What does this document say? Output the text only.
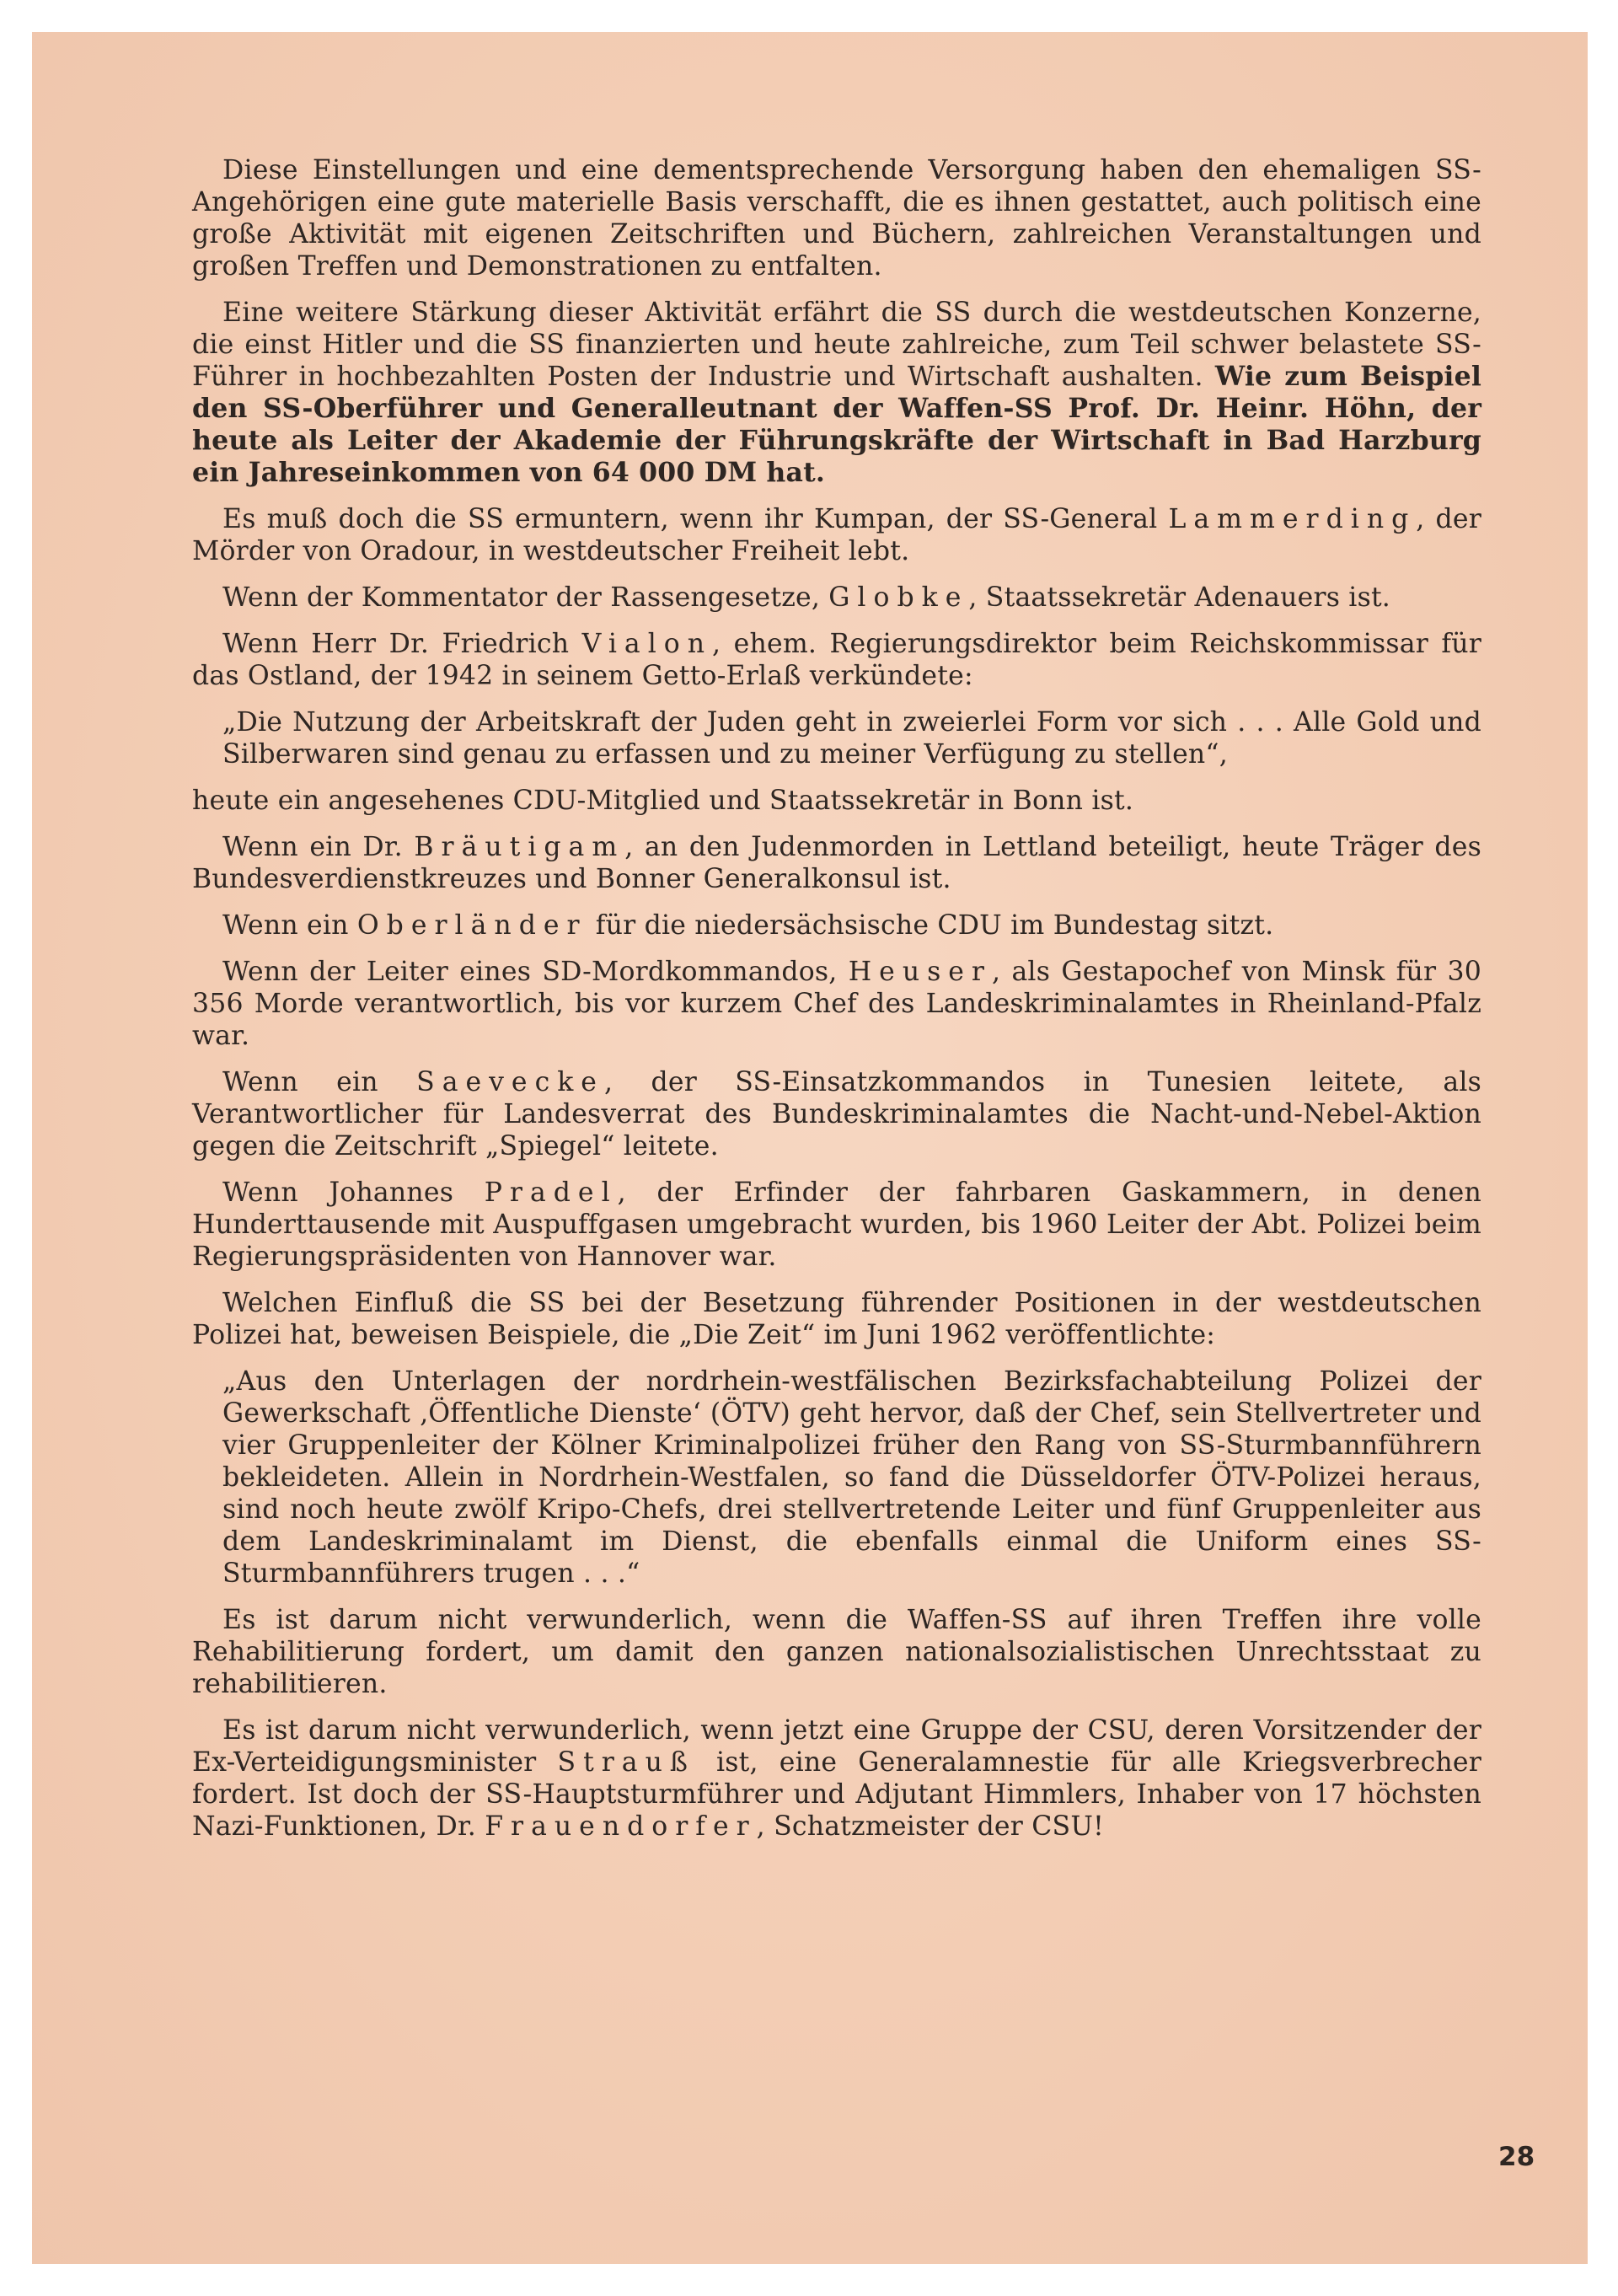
Diese Einstellungen und eine dementsprechende Versorgung haben den ehemaligen SS-Angehörigen eine gute materielle Basis verschafft, die es ihnen gestattet, auch politisch eine große Aktivität mit eigenen Zeitschriften und Büchern, zahlreichen Veranstaltungen und großen Treffen und Demonstrationen zu entfalten.

Eine weitere Stärkung dieser Aktivität erfährt die SS durch die westdeutschen Konzerne, die einst Hitler und die SS finanzierten und heute zahlreiche, zum Teil schwer belastete SS-Führer in hochbezahlten Posten der Industrie und Wirtschaft aushalten. Wie zum Beispiel den SS-Oberführer und Generalleutnant der Waffen-SS Prof. Dr. Heinr. Höhn, der heute als Leiter der Akademie der Führungskräfte der Wirtschaft in Bad Harzburg ein Jahreseinkommen von 64 000 DM hat.

Es muß doch die SS ermuntern, wenn ihr Kumpan, der SS-General Lammerding, der Mörder von Oradour, in westdeutscher Freiheit lebt.

Wenn der Kommentator der Rassengesetze, Globke, Staatssekretär Adenauers ist.

Wenn Herr Dr. Friedrich Vialon, ehem. Regierungsdirektor beim Reichskommissar für das Ostland, der 1942 in seinem Getto-Erlaß verkündete:

„Die Nutzung der Arbeitskraft der Juden geht in zweierlei Form vor sich . . . Alle Gold und Silberwaren sind genau zu erfassen und zu meiner Verfügung zu stellen“,

heute ein angesehenes CDU-Mitglied und Staatssekretär in Bonn ist.

Wenn ein Dr. Bräutigam, an den Judenmorden in Lettland beteiligt, heute Träger des Bundesverdienstkreuzes und Bonner Generalkonsul ist.

Wenn ein Oberländer für die niedersächsische CDU im Bundestag sitzt.

Wenn der Leiter eines SD-Mordkommandos, Heuser, als Gestapochef von Minsk für 30 356 Morde verantwortlich, bis vor kurzem Chef des Landeskriminalamtes in Rheinland-Pfalz war.

Wenn ein Saevecke, der SS-Einsatzkommandos in Tunesien leitete, als Verantwortlicher für Landesverrat des Bundeskriminalamtes die Nacht-und-Nebel-Aktion gegen die Zeitschrift „Spiegel“ leitete.

Wenn Johannes Pradel, der Erfinder der fahrbaren Gaskammern, in denen Hunderttausende mit Auspuffgasen umgebracht wurden, bis 1960 Leiter der Abt. Polizei beim Regierungspräsidenten von Hannover war.

Welchen Einfluß die SS bei der Besetzung führender Positionen in der westdeutschen Polizei hat, beweisen Beispiele, die „Die Zeit“ im Juni 1962 veröffentlichte:

„Aus den Unterlagen der nordrhein-westfälischen Bezirksfachabteilung Polizei der Gewerkschaft ‚Öffentliche Dienste‘ (ÖTV) geht hervor, daß der Chef, sein Stellvertreter und vier Gruppenleiter der Kölner Kriminalpolizei früher den Rang von SS-Sturmbannführern bekleideten. Allein in Nordrhein-Westfalen, so fand die Düsseldorfer ÖTV-Polizei heraus, sind noch heute zwölf Kripo-Chefs, drei stellvertretende Leiter und fünf Gruppenleiter aus dem Landeskriminalamt im Dienst, die ebenfalls einmal die Uniform eines SS-Sturmbannführers trugen . . .“

Es ist darum nicht verwunderlich, wenn die Waffen-SS auf ihren Treffen ihre volle Rehabilitierung fordert, um damit den ganzen nationalsozialistischen Unrechtsstaat zu rehabilitieren.

Es ist darum nicht verwunderlich, wenn jetzt eine Gruppe der CSU, deren Vorsitzender der Ex-Verteidigungsminister Strauß ist, eine Generalamnestie für alle Kriegsverbrecher fordert. Ist doch der SS-Hauptsturmführer und Adjutant Himmlers, Inhaber von 17 höchsten Nazi-Funktionen, Dr. Frauendorfer, Schatzmeister der CSU!

28
